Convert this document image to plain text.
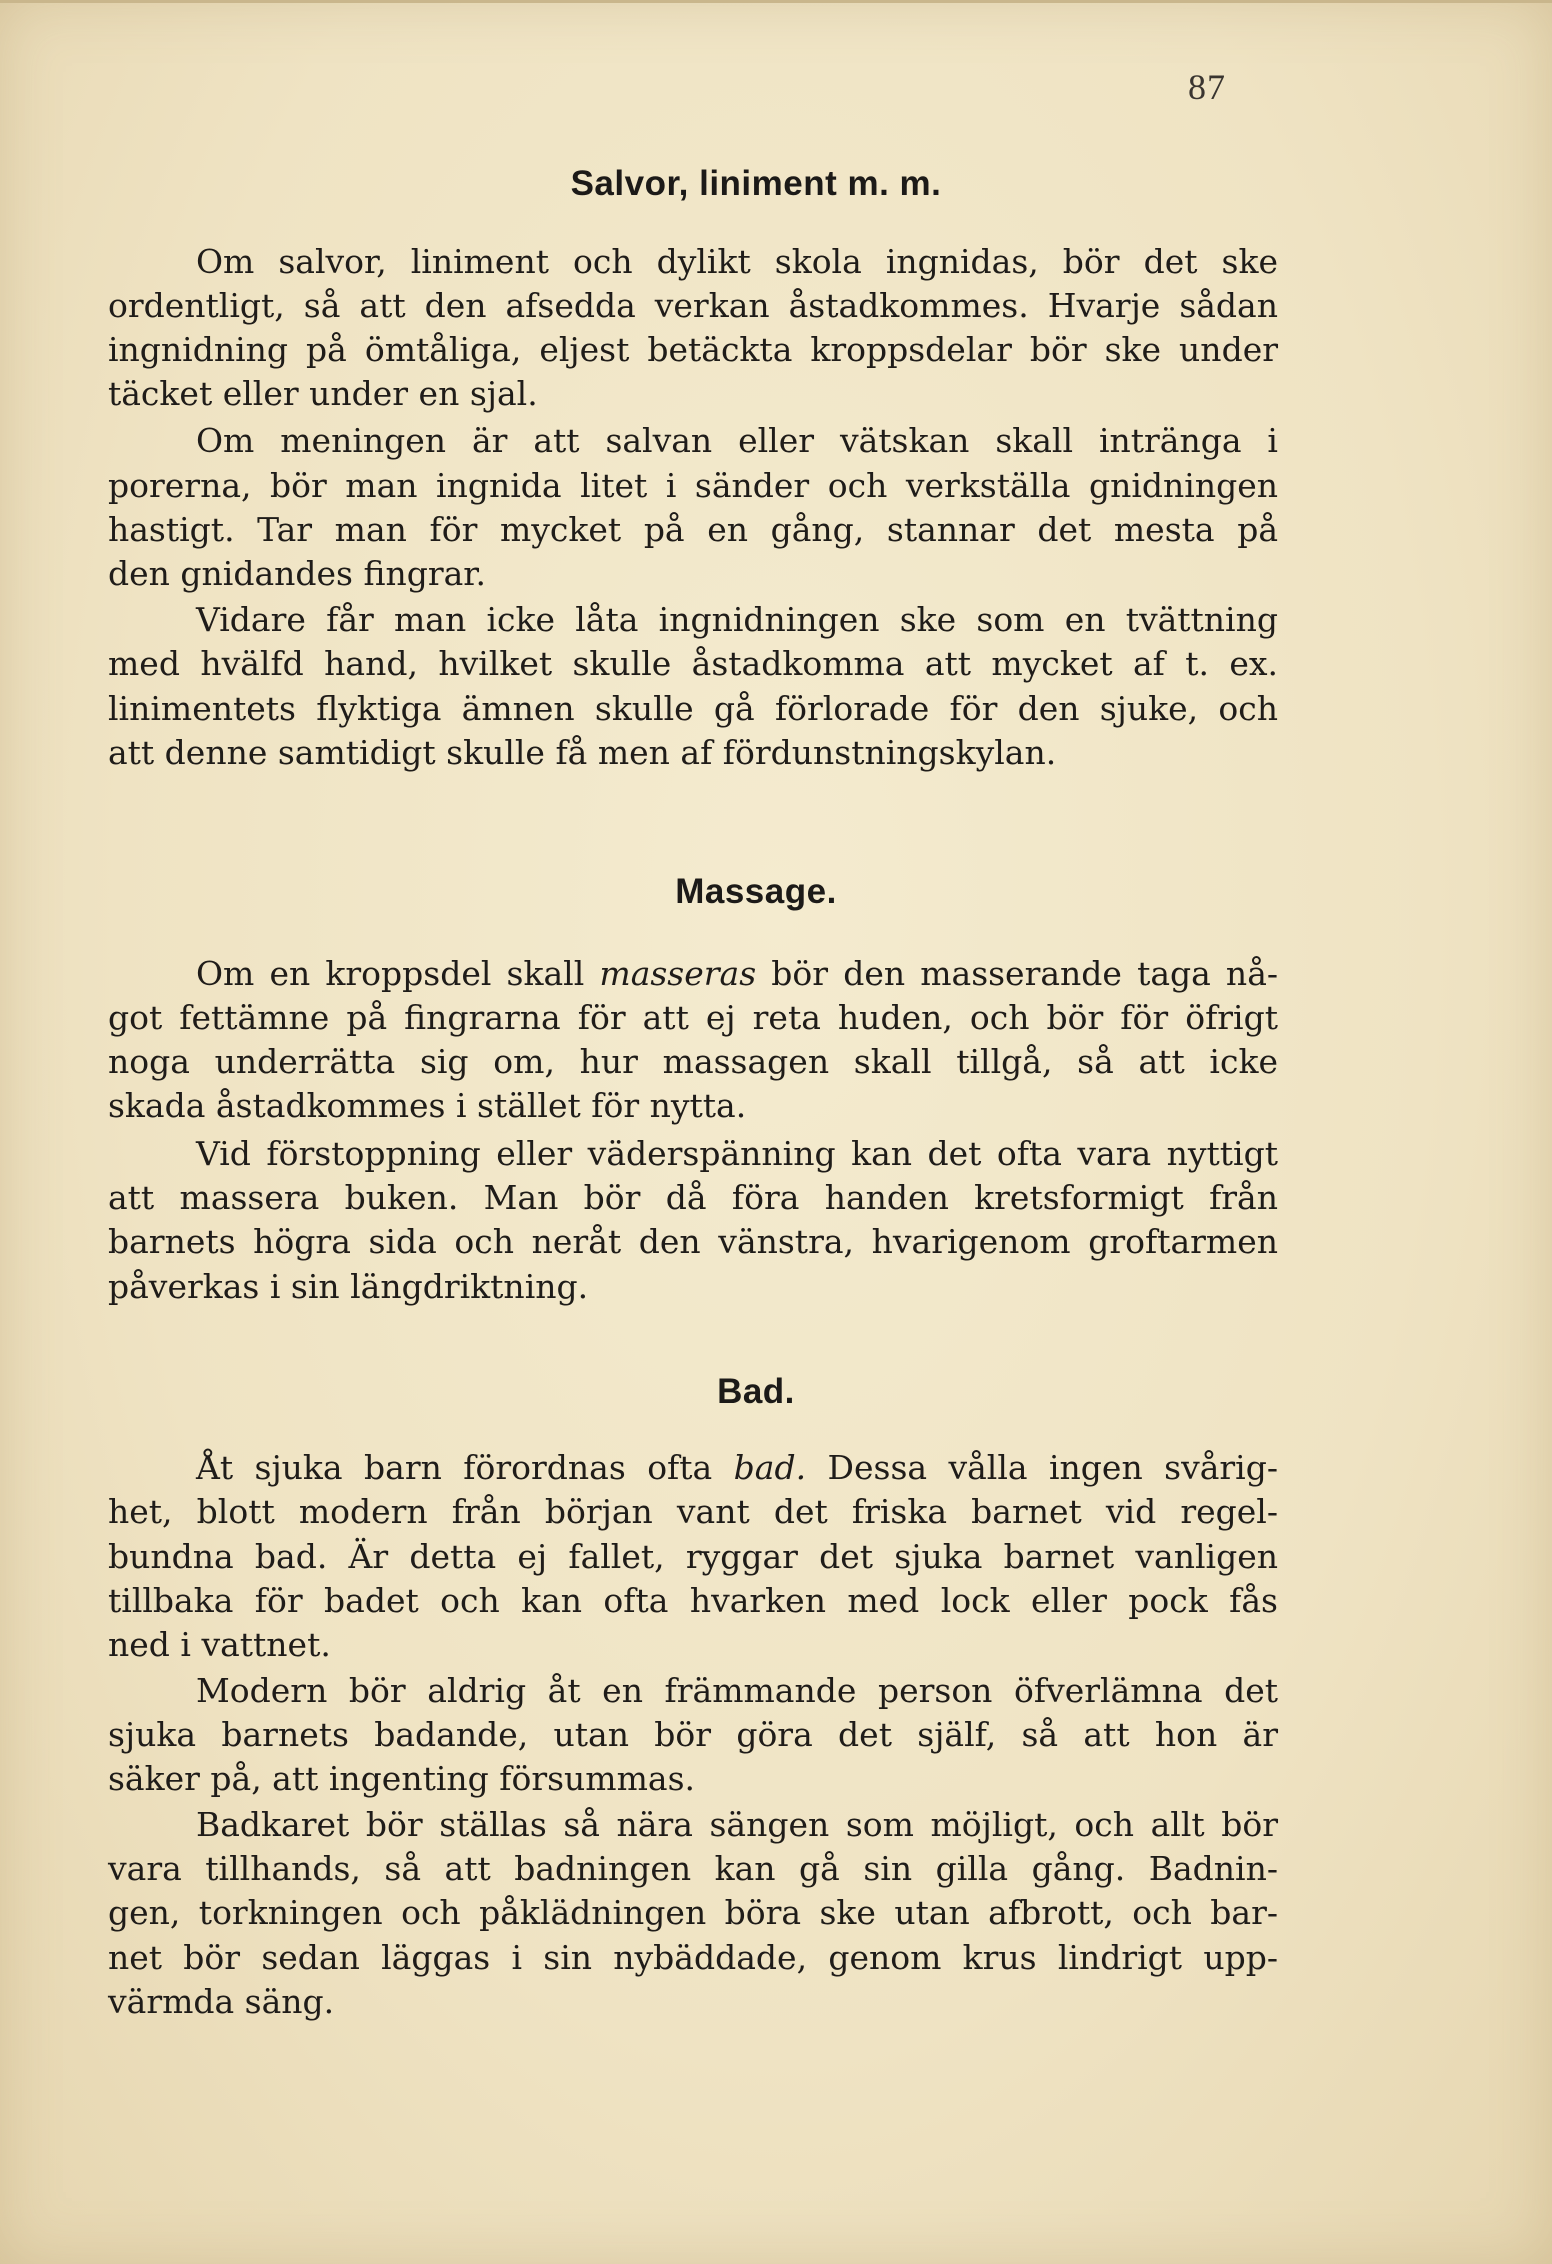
87
Salvor, liniment m. m.
Om salvor, liniment och dylikt skola ingnidas, bör det ske
ordentligt, så att den afsedda verkan åstadkommes. Hvarje sådan
ingnidning på ömtåliga, eljest betäckta kroppsdelar bör ske under
täcket eller under en sjal.
Om meningen är att salvan eller vätskan skall intränga i
porerna, bör man ingnida litet i sänder och verkställa gnidningen
hastigt. Tar man för mycket på en gång, stannar det mesta på
den gnidandes fingrar.
Vidare får man icke låta ingnidningen ske som en tvättning
med hvälfd hand, hvilket skulle åstadkomma att mycket af t. ex.
linimentets flyktiga ämnen skulle gå förlorade för den sjuke, och
att denne samtidigt skulle få men af fördunstningskylan.
Massage.
Om en kroppsdel skall masseras bör den masserande taga nå-
got fettämne på fingrarna för att ej reta huden, och bör för öfrigt
noga underrätta sig om, hur massagen skall tillgå, så att icke
skada åstadkommes i stället för nytta.
Vid förstoppning eller väderspänning kan det ofta vara nyttigt
att massera buken. Man bör då föra handen kretsformigt från
barnets högra sida och neråt den vänstra, hvarigenom groftarmen
påverkas i sin längdriktning.
Bad.
Åt sjuka barn förordnas ofta bad. Dessa vålla ingen svårig-
het, blott modern från början vant det friska barnet vid regel-
bundna bad. Är detta ej fallet, ryggar det sjuka barnet vanligen
tillbaka för badet och kan ofta hvarken med lock eller pock fås
ned i vattnet.
Modern bör aldrig åt en främmande person öfverlämna det
sjuka barnets badande, utan bör göra det själf, så att hon är
säker på, att ingenting försummas.
Badkaret bör ställas så nära sängen som möjligt, och allt bör
vara tillhands, så att badningen kan gå sin gilla gång. Badnin-
gen, torkningen och påklädningen böra ske utan afbrott, och bar-
net bör sedan läggas i sin nybäddade, genom krus lindrigt upp-
värmda säng.
